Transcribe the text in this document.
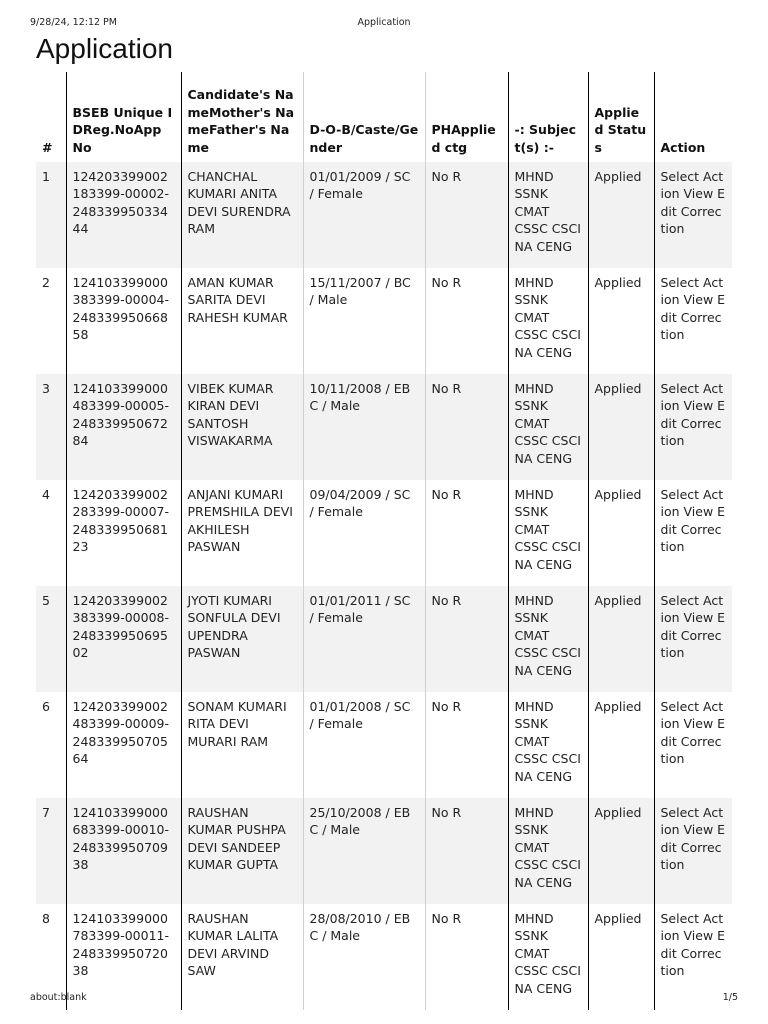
9/28/24, 12:12 PM	Application
Application
#	BSEB Unique IDReg.NoApp No	Candidate's NameMother's NameFather's Name	D-O-B/Caste/Gender	PHApplied ctg	-: Subject(s) :-	Applied Status	Action
1	124203399002183399-00002-24833995033444	CHANCHAL KUMARI ANITA DEVI SURENDRA RAM	01/01/2009 / SC / Female	No R	MHND SSNK CMAT CSSC CSCI NA CENG	Applied	Select Action View Edit Correction
2	124103399000383399-00004-24833995066858	AMAN KUMAR SARITA DEVI RAHESH KUMAR	15/11/2007 / BC / Male	No R	MHND SSNK CMAT CSSC CSCI NA CENG	Applied	Select Action View Edit Correction
3	124103399000483399-00005-24833995067284	VIBEK KUMAR KIRAN DEVI SANTOSH VISWAKARMA	10/11/2008 / EBC / Male	No R	MHND SSNK CMAT CSSC CSCI NA CENG	Applied	Select Action View Edit Correction
4	124203399002283399-00007-24833995068123	ANJANI KUMARI PREMSHILA DEVI AKHILESH PASWAN	09/04/2009 / SC / Female	No R	MHND SSNK CMAT CSSC CSCI NA CENG	Applied	Select Action View Edit Correction
5	124203399002383399-00008-24833995069502	JYOTI KUMARI SONFULA DEVI UPENDRA PASWAN	01/01/2011 / SC / Female	No R	MHND SSNK CMAT CSSC CSCI NA CENG	Applied	Select Action View Edit Correction
6	124203399002483399-00009-24833995070564	SONAM KUMARI RITA DEVI MURARI RAM	01/01/2008 / SC / Female	No R	MHND SSNK CMAT CSSC CSCI NA CENG	Applied	Select Action View Edit Correction
7	124103399000683399-00010-24833995070938	RAUSHAN KUMAR PUSHPA DEVI SANDEEP KUMAR GUPTA	25/10/2008 / EBC / Male	No R	MHND SSNK CMAT CSSC CSCI NA CENG	Applied	Select Action View Edit Correction
8	124103399000783399-00011-24833995072038	RAUSHAN KUMAR LALITA DEVI ARVIND SAW	28/08/2010 / EBC / Male	No R	MHND SSNK CMAT CSSC CSCI NA CENG	Applied	Select Action View Edit Correction
about:blank	1/5
